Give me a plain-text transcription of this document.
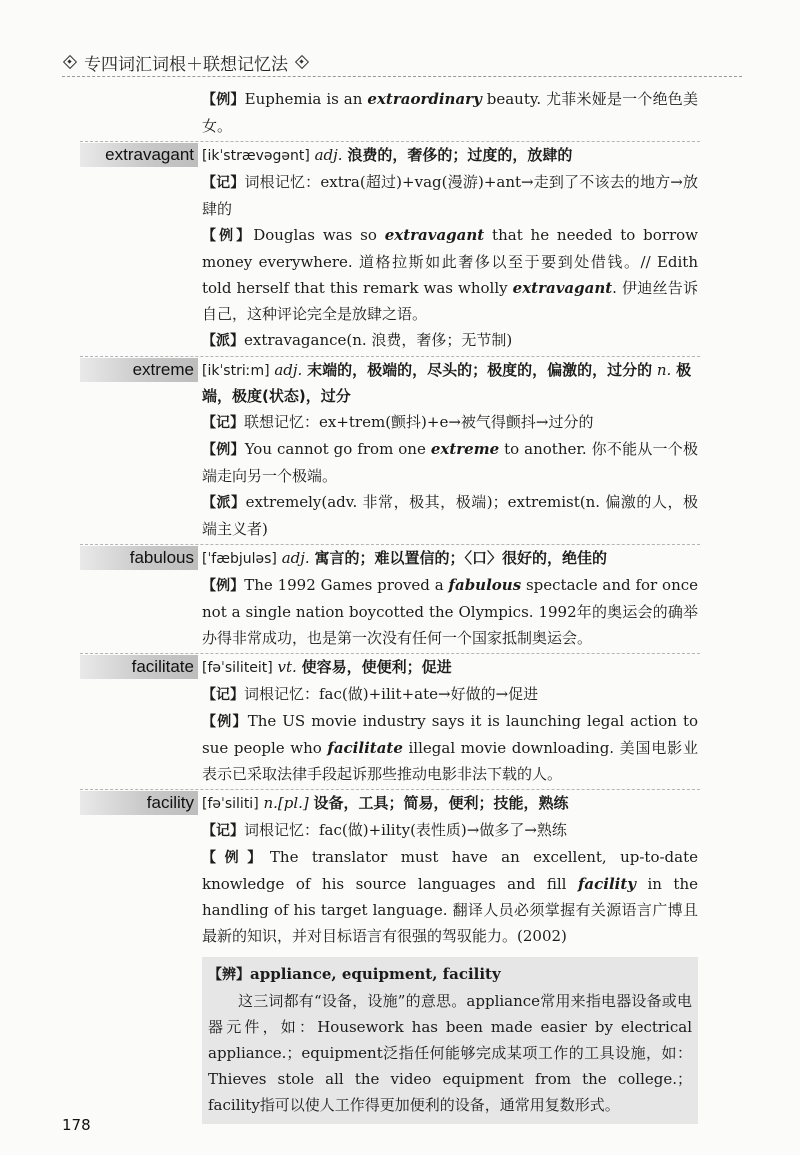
专四词汇词根＋联想记忆法
【例】Euphemia is an extraordinary beauty. 尤菲米娅是一个绝色美女。
extravagant [ikˈstrævəgənt] adj. 浪费的，奢侈的；过度的，放肆的
【记】词根记忆：extra(超过)+vag(漫游)+ant→走到了不该去的地方→放肆的
【例】Douglas was so extravagant that he needed to borrow money everywhere. 道格拉斯如此奢侈以至于要到处借钱。// Edith told herself that this remark was wholly extravagant. 伊迪丝告诉自己，这种评论完全是放肆之语。
【派】extravagance(n. 浪费，奢侈；无节制)
extreme [ikˈstriːm] adj. 末端的，极端的，尽头的；极度的，偏激的，过分的 n. 极端，极度(状态)，过分
【记】联想记忆：ex+trem(颤抖)+e→被气得颤抖→过分的
【例】You cannot go from one extreme to another. 你不能从一个极端走向另一个极端。
【派】extremely(adv. 非常，极其，极端)；extremist(n. 偏激的人，极端主义者)
fabulous [ˈfæbjuləs] adj. 寓言的；难以置信的；〈口〉很好的，绝佳的
【例】The 1992 Games proved a fabulous spectacle and for once not a single nation boycotted the Olympics. 1992年的奥运会的确举办得非常成功，也是第一次没有任何一个国家抵制奥运会。
facilitate [fəˈsiliteit] vt. 使容易，使便利；促进
【记】词根记忆：fac(做)+ilit+ate→好做的→促进
【例】The US movie industry says it is launching legal action to sue people who facilitate illegal movie downloading. 美国电影业表示已采取法律手段起诉那些推动电影非法下载的人。
facility [fəˈsiliti] n.[pl.] 设备，工具；简易，便利；技能，熟练
【记】词根记忆：fac(做)+ility(表性质)→做多了→熟练
【例】The translator must have an excellent, up-to-date knowledge of his source languages and fill facility in the handling of his target language. 翻译人员必须掌握有关源语言广博且最新的知识，并对目标语言有很强的驾驭能力。(2002)
【辨】appliance, equipment, facility
这三词都有“设备，设施”的意思。appliance常用来指电器设备或电器元件，如：Housework has been made easier by electrical appliance.；equipment泛指任何能够完成某项工作的工具设施，如：Thieves stole all the video equipment from the college.；facility指可以使人工作得更加便利的设备，通常用复数形式。
178
